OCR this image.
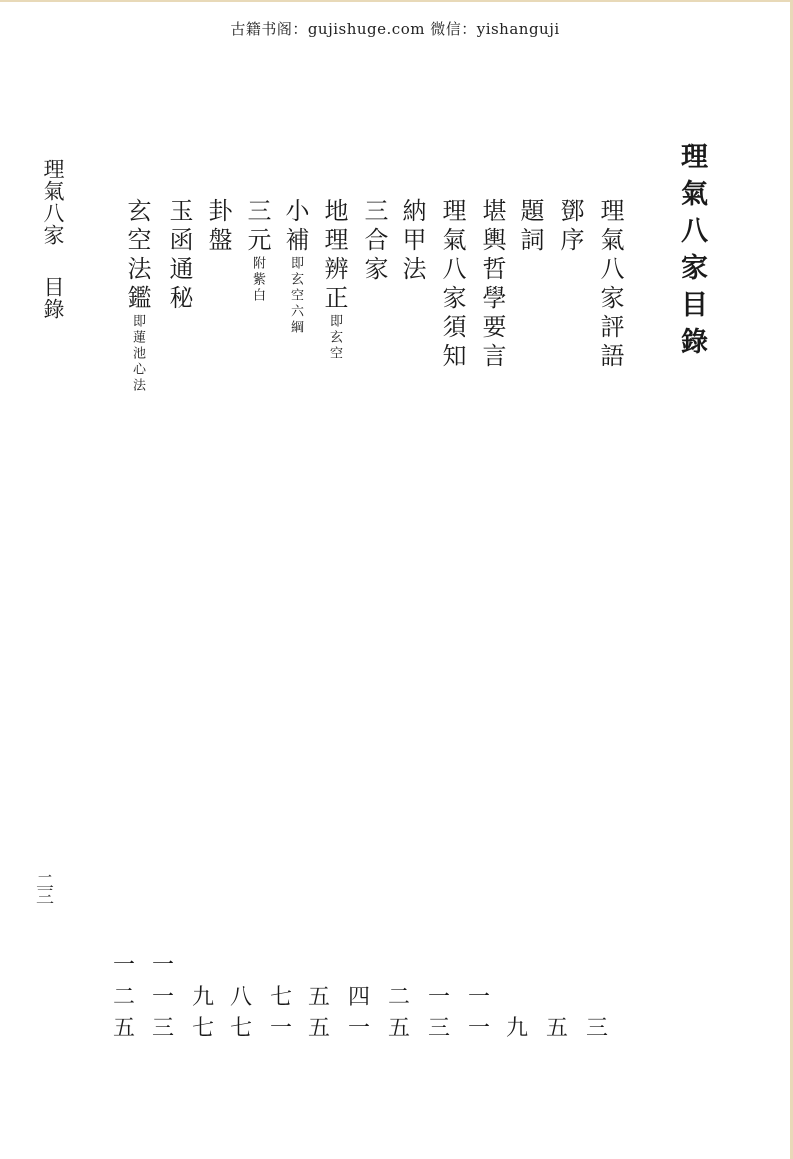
古籍书阁：gujishuge.com 微信：yishanguji
理氣八家目錄
理氣八家目錄
二三
理氣八家評語
鄧序
題詞
堪輿哲學要言
理氣八家須知
納甲法
三合家
地理辨正即玄空
小補即玄空六綱
三元附紫白
卦盤
玉函通秘
玄空法鑑即蓮池心法
三
五
九
一
一
一
三
二
五
四
一
五
五
七
一
八
七
九
七
一
一
三
一
二
五
